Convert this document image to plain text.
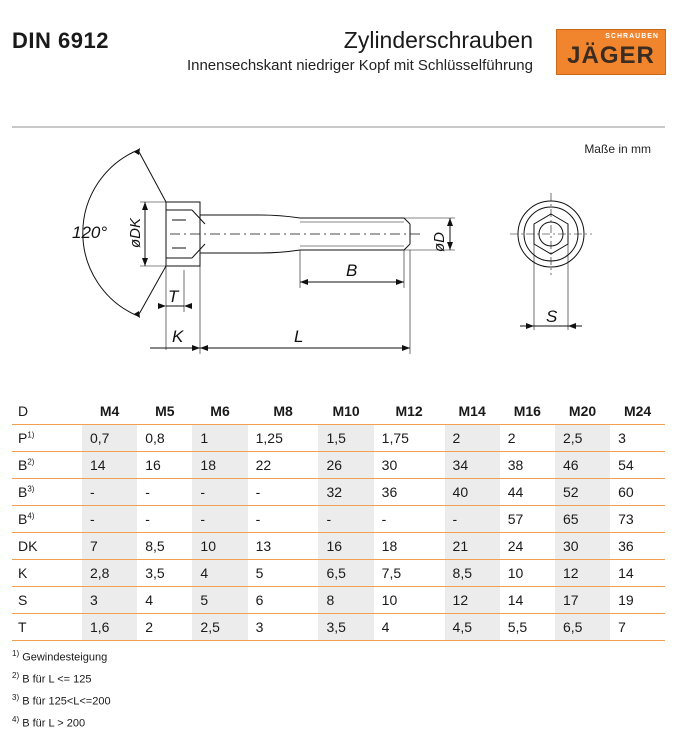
DIN 6912	Zylinderschrauben
Innensechskant niedriger Kopf mit Schlüsselführung
SCHRAUBEN
JÄGER
Maße in mm
120° øDK	øD
B
T
K	L
S
D	M4	M5	M6	M8	M10	M12	M14	M16	M20	M24
$P^{1)}$	0,7	0,8	1	1,25	1,5	1,75	2	2	2,5	3
$B^{2)}$	14	16	18	22	26	30	34	38	46	54
$B^{3)}$	-	-	-	-	32	36	40	44	52	60
$B^{4)}$	-	-	-	-	-	-	-	57	65	73
DK	7	8,5	10	13	16	18	21	24	30	36
K	2,8	3,5	4	5	6,5	7,5	8,5	10	12	14
S	3	4	5	6	8	10	12	14	17	19
T	1,6	2	2,5	3	3,5	4	4,5	5,5	6,5	7
$^{1)}$ Gewindesteigung
$^{2)}$ B für L <= 125
$^{3)}$ B für 125<L<=200
$^{4)}$ B für L > 200
